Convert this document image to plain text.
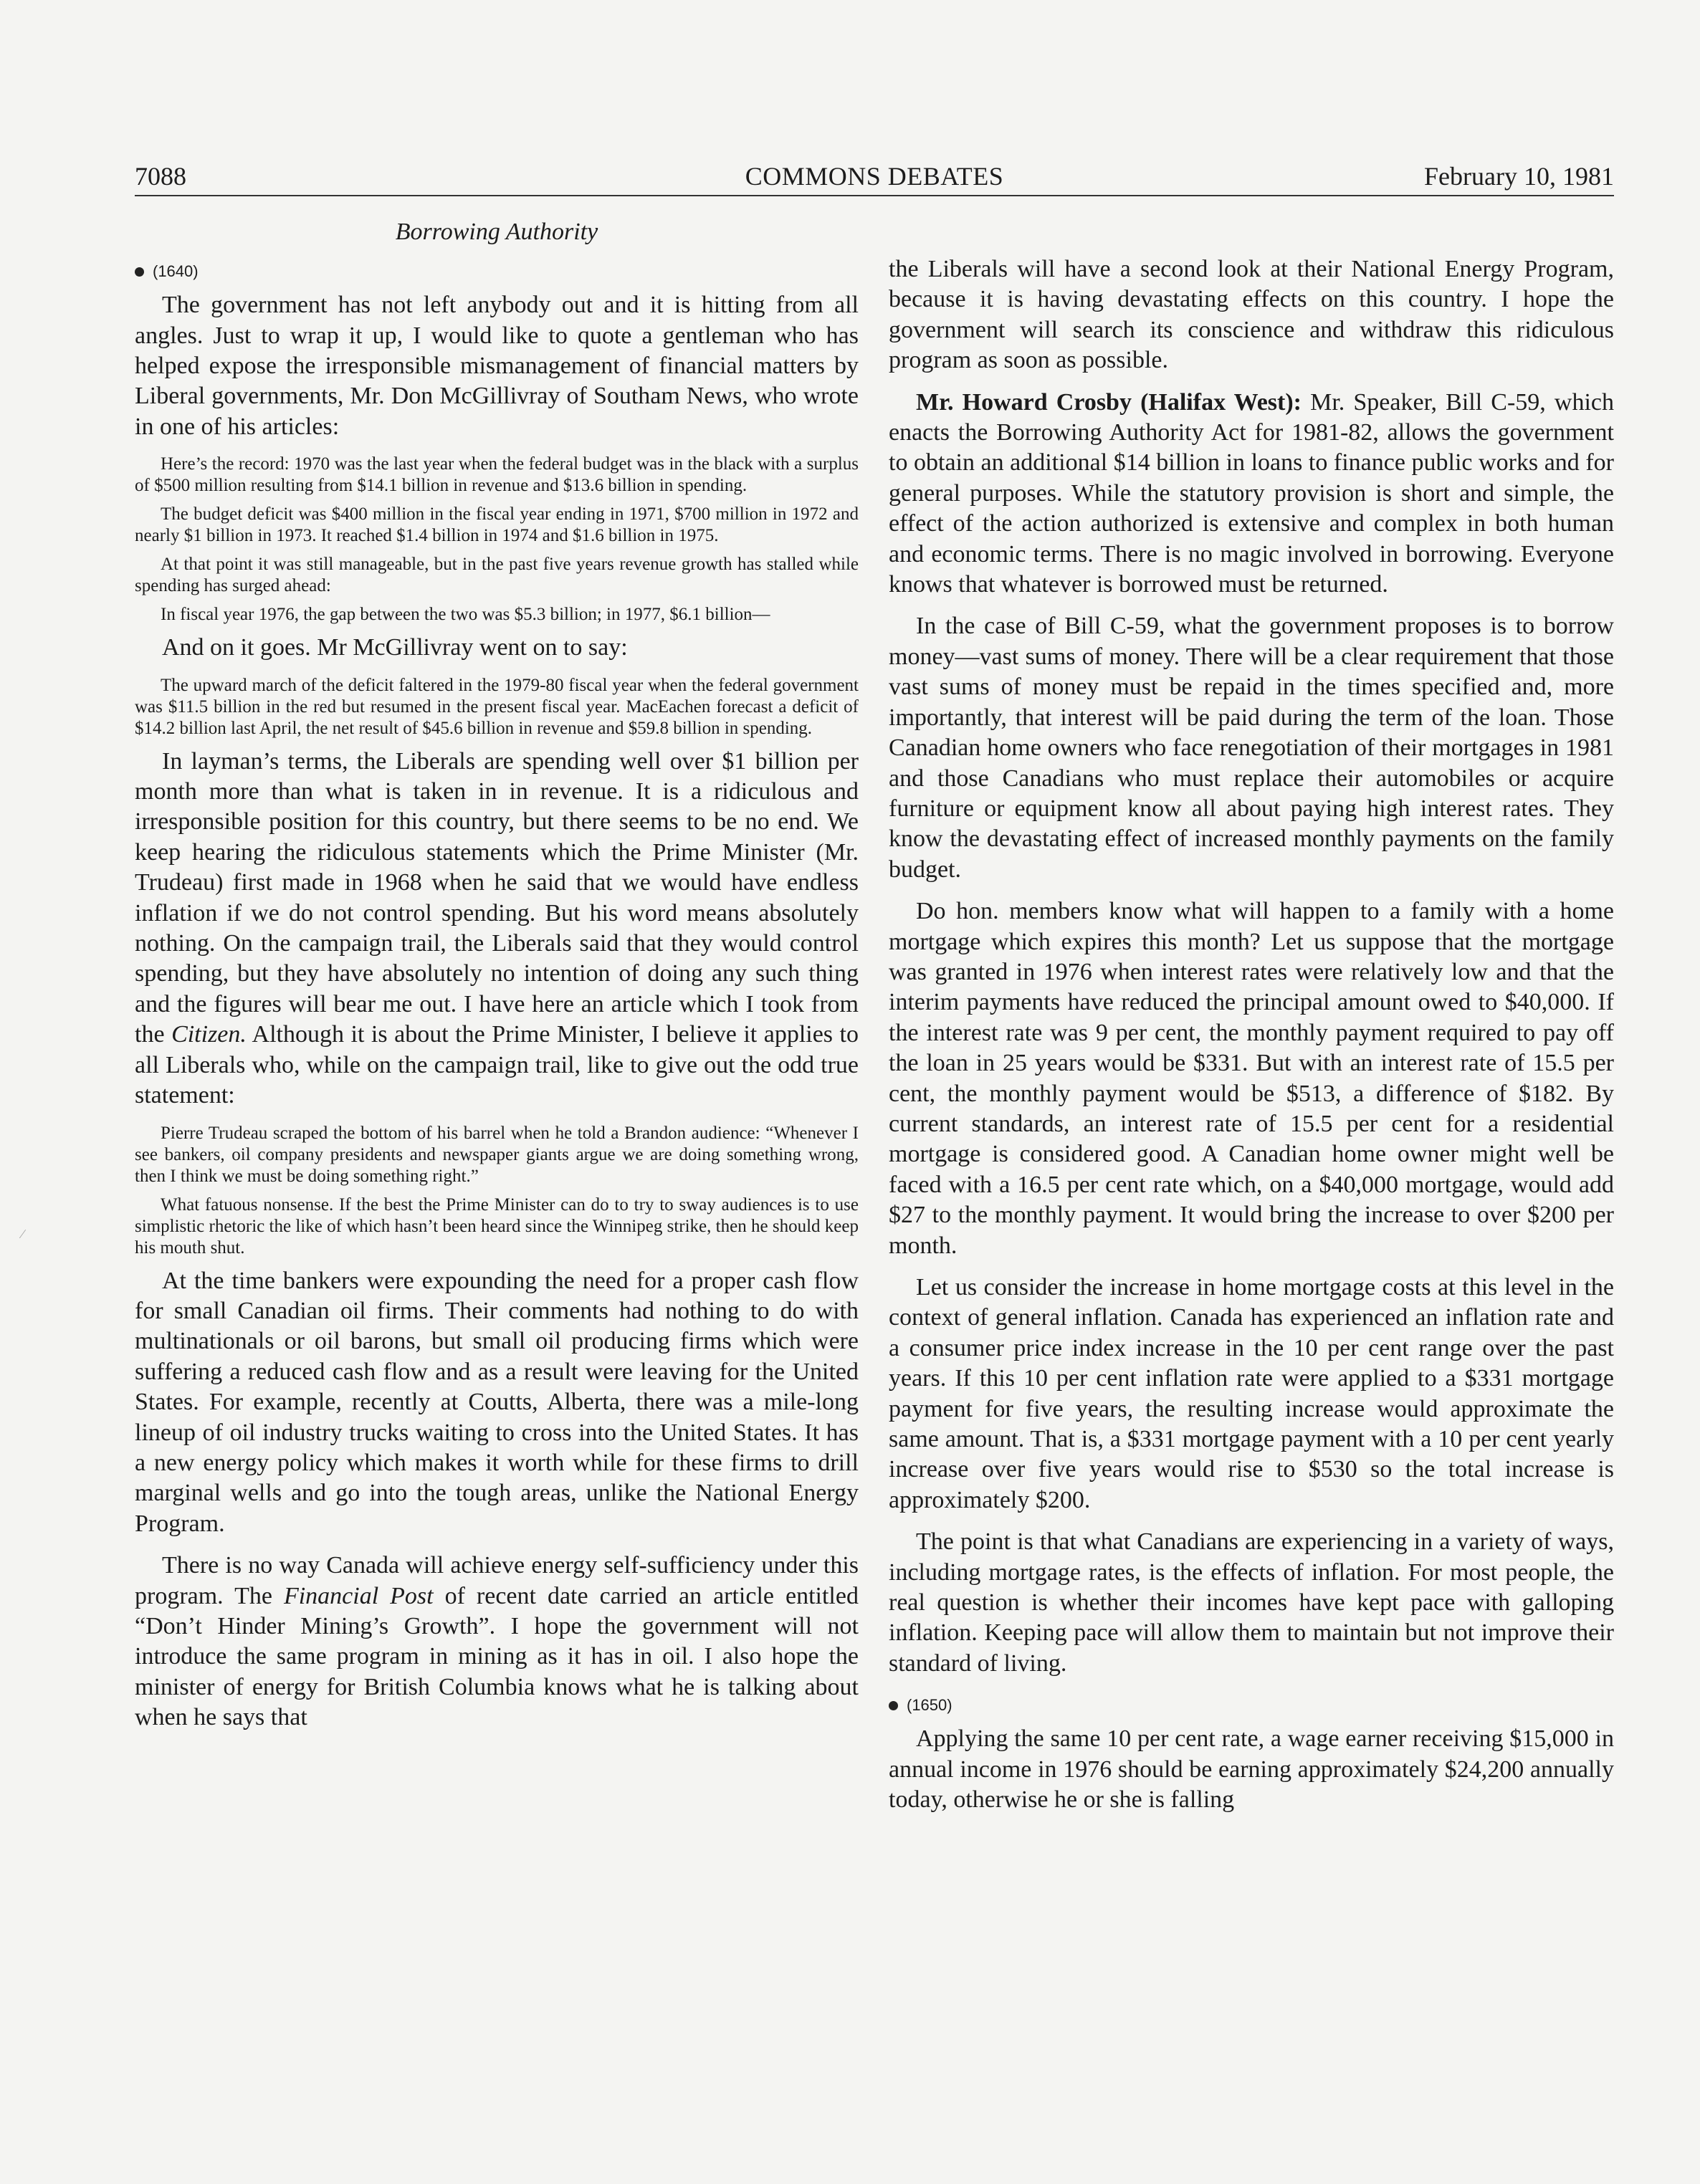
7088	COMMONS DEBATES	February 10, 1981
Borrowing Authority
(1640)

The government has not left anybody out and it is hitting from all angles. Just to wrap it up, I would like to quote a gentleman who has helped expose the irresponsible mismanagement of financial matters by Liberal governments, Mr. Don McGillivray of Southam News, who wrote in one of his articles:

Here’s the record: 1970 was the last year when the federal budget was in the black with a surplus of $500 million resulting from $14.1 billion in revenue and $13.6 billion in spending.

The budget deficit was $400 million in the fiscal year ending in 1971, $700 million in 1972 and nearly $1 billion in 1973. It reached $1.4 billion in 1974 and $1.6 billion in 1975.

At that point it was still manageable, but in the past five years revenue growth has stalled while spending has surged ahead:

In fiscal year 1976, the gap between the two was $5.3 billion; in 1977, $6.1 billion—

And on it goes. Mr McGillivray went on to say:

The upward march of the deficit faltered in the 1979-80 fiscal year when the federal government was $11.5 billion in the red but resumed in the present fiscal year. MacEachen forecast a deficit of $14.2 billion last April, the net result of $45.6 billion in revenue and $59.8 billion in spending.

In layman’s terms, the Liberals are spending well over $1 billion per month more than what is taken in in revenue. It is a ridiculous and irresponsible position for this country, but there seems to be no end. We keep hearing the ridiculous statements which the Prime Minister (Mr. Trudeau) first made in 1968 when he said that we would have endless inflation if we do not control spending. But his word means absolutely nothing. On the campaign trail, the Liberals said that they would control spending, but they have absolutely no intention of doing any such thing and the figures will bear me out. I have here an article which I took from the Citizen. Although it is about the Prime Minister, I believe it applies to all Liberals who, while on the campaign trail, like to give out the odd true statement:

Pierre Trudeau scraped the bottom of his barrel when he told a Brandon audience: “Whenever I see bankers, oil company presidents and newspaper giants argue we are doing something wrong, then I think we must be doing something right.”

What fatuous nonsense. If the best the Prime Minister can do to try to sway audiences is to use simplistic rhetoric the like of which hasn’t been heard since the Winnipeg strike, then he should keep his mouth shut.

At the time bankers were expounding the need for a proper cash flow for small Canadian oil firms. Their comments had nothing to do with multinationals or oil barons, but small oil producing firms which were suffering a reduced cash flow and as a result were leaving for the United States. For example, recently at Coutts, Alberta, there was a mile-long lineup of oil industry trucks waiting to cross into the United States. It has a new energy policy which makes it worth while for these firms to drill marginal wells and go into the tough areas, unlike the National Energy Program.

There is no way Canada will achieve energy self-sufficiency under this program. The Financial Post of recent date carried an article entitled “Don’t Hinder Mining’s Growth”. I hope the government will not introduce the same program in mining as it has in oil. I also hope the minister of energy for British Columbia knows what he is talking about when he says that

the Liberals will have a second look at their National Energy Program, because it is having devastating effects on this country. I hope the government will search its conscience and withdraw this ridiculous program as soon as possible.

Mr. Howard Crosby (Halifax West): Mr. Speaker, Bill C-59, which enacts the Borrowing Authority Act for 1981-82, allows the government to obtain an additional $14 billion in loans to finance public works and for general purposes. While the statutory provision is short and simple, the effect of the action authorized is extensive and complex in both human and economic terms. There is no magic involved in borrowing. Everyone knows that whatever is borrowed must be returned.

In the case of Bill C-59, what the government proposes is to borrow money—vast sums of money. There will be a clear requirement that those vast sums of money must be repaid in the times specified and, more importantly, that interest will be paid during the term of the loan. Those Canadian home owners who face renegotiation of their mortgages in 1981 and those Canadians who must replace their automobiles or acquire furniture or equipment know all about paying high interest rates. They know the devastating effect of increased monthly payments on the family budget.

Do hon. members know what will happen to a family with a home mortgage which expires this month? Let us suppose that the mortgage was granted in 1976 when interest rates were relatively low and that the interim payments have reduced the principal amount owed to $40,000. If the interest rate was 9 per cent, the monthly payment required to pay off the loan in 25 years would be $331. But with an interest rate of 15.5 per cent, the monthly payment would be $513, a difference of $182. By current standards, an interest rate of 15.5 per cent for a residential mortgage is considered good. A Canadian home owner might well be faced with a 16.5 per cent rate which, on a $40,000 mortgage, would add $27 to the monthly payment. It would bring the increase to over $200 per month.

Let us consider the increase in home mortgage costs at this level in the context of general inflation. Canada has experienced an inflation rate and a consumer price index increase in the 10 per cent range over the past years. If this 10 per cent inflation rate were applied to a $331 mortgage payment for five years, the resulting increase would approximate the same amount. That is, a $331 mortgage payment with a 10 per cent yearly increase over five years would rise to $530 so the total increase is approximately $200.

The point is that what Canadians are experiencing in a variety of ways, including mortgage rates, is the effects of inflation. For most people, the real question is whether their incomes have kept pace with galloping inflation. Keeping pace will allow them to maintain but not improve their standard of living.

(1650)

Applying the same 10 per cent rate, a wage earner receiving $15,000 in annual income in 1976 should be earning approximately $24,200 annually today, otherwise he or she is falling

∕
